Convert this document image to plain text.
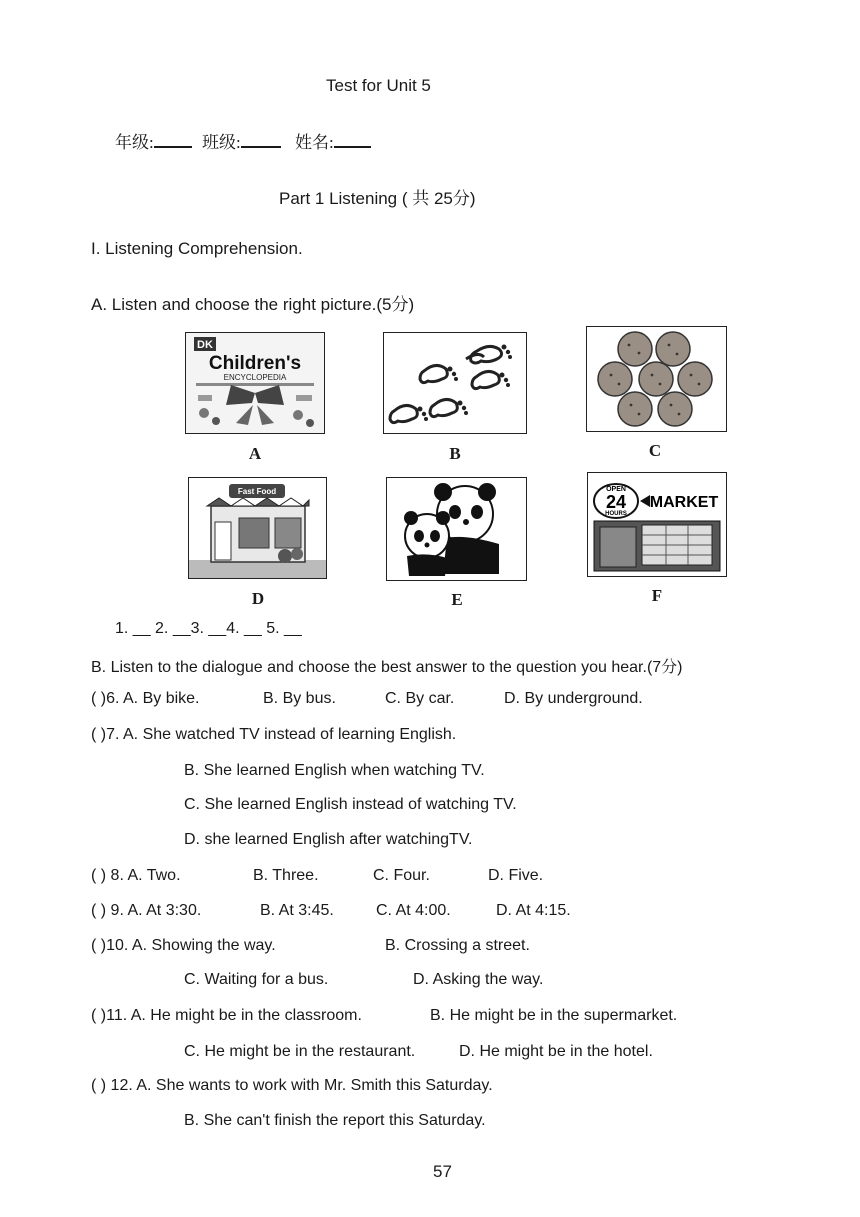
Test for Unit 5
年级:	班级:	姓名:
Part 1 Listening ( 共 25分)
I. Listening Comprehension.
A. Listen and choose the right picture.(5分)
DK
Children's
ENCYCLOPEDIA
A	B	C
Fast Food
D	E
OPEN
24
HOURS
MARKET
F
1. __ 2. __3. __4. __ 5. __
B. Listen to the dialogue and choose the best answer to the question you hear.(7分)
( )6. A. By bike.	B. By bus.	C. By car.	D. By underground.
( )7. A. She watched TV instead of learning English.
B. She learned English when watching TV.
C. She learned English instead of watching TV.
D. she learned English after watchingTV.
( ) 8. A. Two.	B. Three.	C. Four.	D. Five.
( ) 9. A. At 3:30.	B. At 3:45.	C. At 4:00.	D. At 4:15.
( )10. A. Showing the way.	B. Crossing a street.
C. Waiting for a bus.	D. Asking the way.
( )11. A. He might be in the classroom.	B. He might be in the supermarket.
C. He might be in the restaurant.	D. He might be in the hotel.
( ) 12. A. She wants to work with Mr. Smith this Saturday.
B. She can't finish the report this Saturday.
57
